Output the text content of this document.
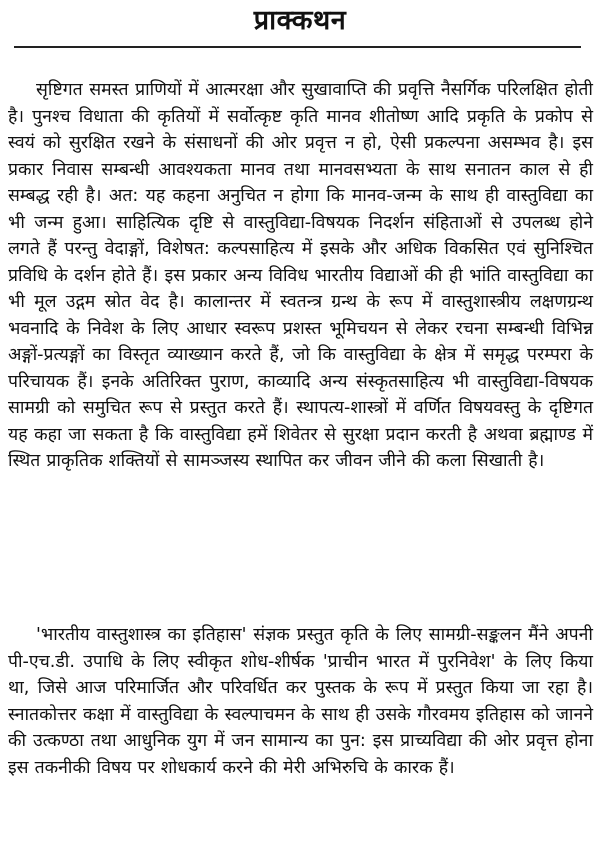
प्राक्कथन

सृष्टिगत समस्त प्राणियों में आत्मरक्षा और सुखावाप्ति की प्रवृत्ति नैसर्गिक परिलक्षित होती है। पुनश्च विधाता की कृतियों में सर्वोत्कृष्ट कृति मानव शीतोष्ण आदि प्रकृति के प्रकोप से स्वयं को सुरक्षित रखने के संसाधनों की ओर प्रवृत्त न हो, ऐसी प्रकल्पना असम्भव है। इस प्रकार निवास सम्बन्धी आवश्यकता मानव तथा मानवसभ्यता के साथ सनातन काल से ही सम्बद्ध रही है। अत: यह कहना अनुचित न होगा कि मानव-जन्म के साथ ही वास्तुविद्या का भी जन्म हुआ। साहित्यिक दृष्टि से वास्तुविद्या-विषयक निदर्शन संहिताओं से उपलब्ध होने लगते हैं परन्तु वेदाङ्गों, विशेषत: कल्पसाहित्य में इसके और अधिक विकसित एवं सुनिश्चित प्रविधि के दर्शन होते हैं। इस प्रकार अन्य विविध भारतीय विद्याओं की ही भांति वास्तुविद्या का भी मूल उद्गम स्रोत वेद है। कालान्तर में स्वतन्त्र ग्रन्थ के रूप में वास्तुशास्त्रीय लक्षणग्रन्थ भवनादि के निवेश के लिए आधार स्वरूप प्रशस्त भूमिचयन से लेकर रचना सम्बन्धी विभिन्न अङ्गों-प्रत्यङ्गों का विस्तृत व्याख्यान करते हैं, जो कि वास्तुविद्या के क्षेत्र में समृद्ध परम्परा के परिचायक हैं। इनके अतिरिक्त पुराण, काव्यादि अन्य संस्कृतसाहित्य भी वास्तुविद्या-विषयक सामग्री को समुचित रूप से प्रस्तुत करते हैं। स्थापत्य-शास्त्रों में वर्णित विषयवस्तु के दृष्टिगत यह कहा जा सकता है कि वास्तुविद्या हमें शिवेतर से सुरक्षा प्रदान करती है अथवा ब्रह्माण्ड में स्थित प्राकृतिक शक्तियों से सामञ्जस्य स्थापित कर जीवन जीने की कला सिखाती है।

'भारतीय वास्तुशास्त्र का इतिहास' संज्ञक प्रस्तुत कृति के लिए सामग्री-सङ्कलन मैंने अपनी पी-एच.डी. उपाधि के लिए स्वीकृत शोध-शीर्षक 'प्राचीन भारत में पुरनिवेश' के लिए किया था, जिसे आज परिमार्जित और परिवर्धित कर पुस्तक के रूप में प्रस्तुत किया जा रहा है। स्नातकोत्तर कक्षा में वास्तुविद्या के स्वल्पाचमन के साथ ही उसके गौरवमय इतिहास को जानने की उत्कण्ठा तथा आधुनिक युग में जन सामान्य का पुन: इस प्राच्यविद्या की ओर प्रवृत्त होना इस तकनीकी विषय पर शोधकार्य करने की मेरी अभिरुचि के कारक हैं।
